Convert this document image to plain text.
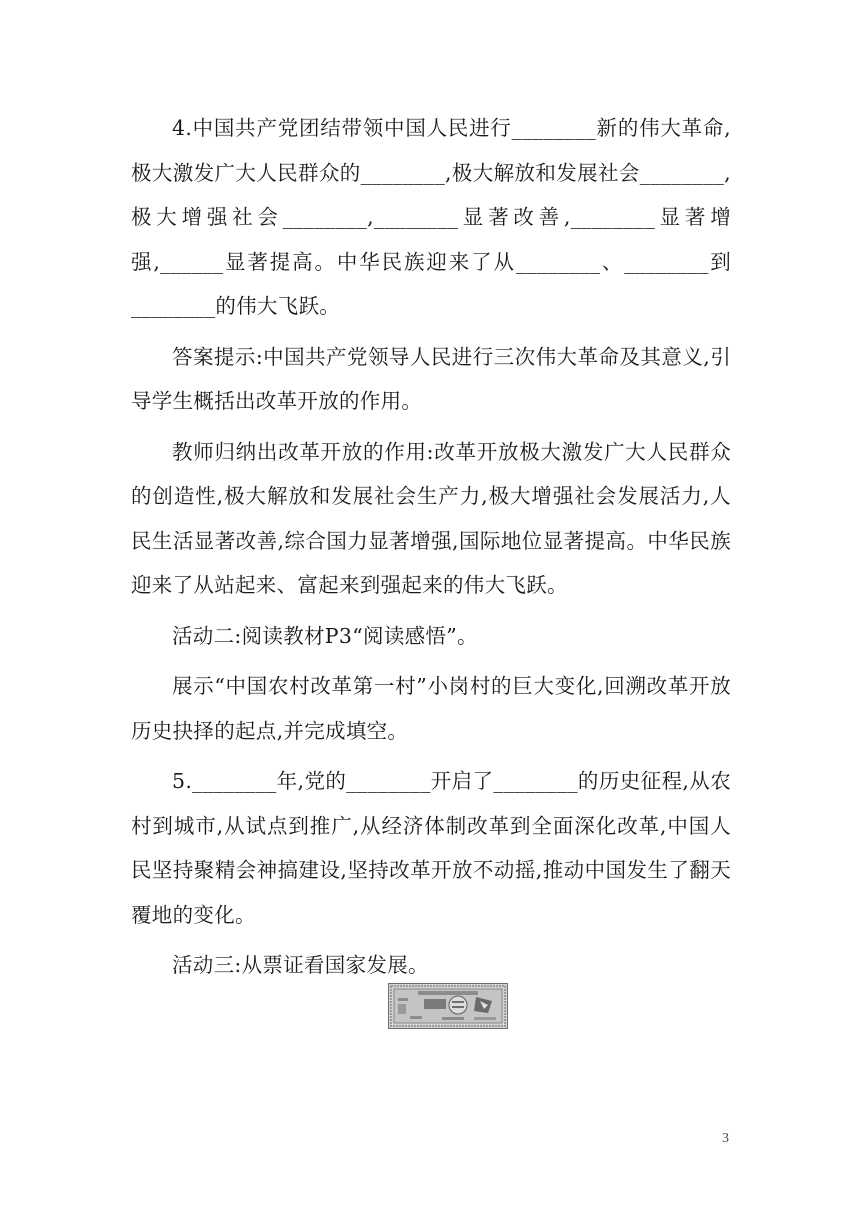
4.中国共产党团结带领中国人民进行________新的伟大革命,极大激发广大人民群众的________,极大解放和发展社会________,极大增强社会________,________显著改善,________显著增强,______显著提高。中华民族迎来了从________、________到________的伟大飞跃。

答案提示:中国共产党领导人民进行三次伟大革命及其意义,引导学生概括出改革开放的作用。

教师归纳出改革开放的作用:改革开放极大激发广大人民群众的创造性,极大解放和发展社会生产力,极大增强社会发展活力,人民生活显著改善,综合国力显著增强,国际地位显著提高。中华民族迎来了从站起来、富起来到强起来的伟大飞跃。

活动二:阅读教材P3“阅读感悟”。

展示“中国农村改革第一村”小岗村的巨大变化,回溯改革开放历史抉择的起点,并完成填空。

5.________年,党的________开启了________的历史征程,从农村到城市,从试点到推广,从经济体制改革到全面深化改革,中国人民坚持聚精会神搞建设,坚持改革开放不动摇,推动中国发生了翻天覆地的变化。

活动三:从票证看国家发展。

3
